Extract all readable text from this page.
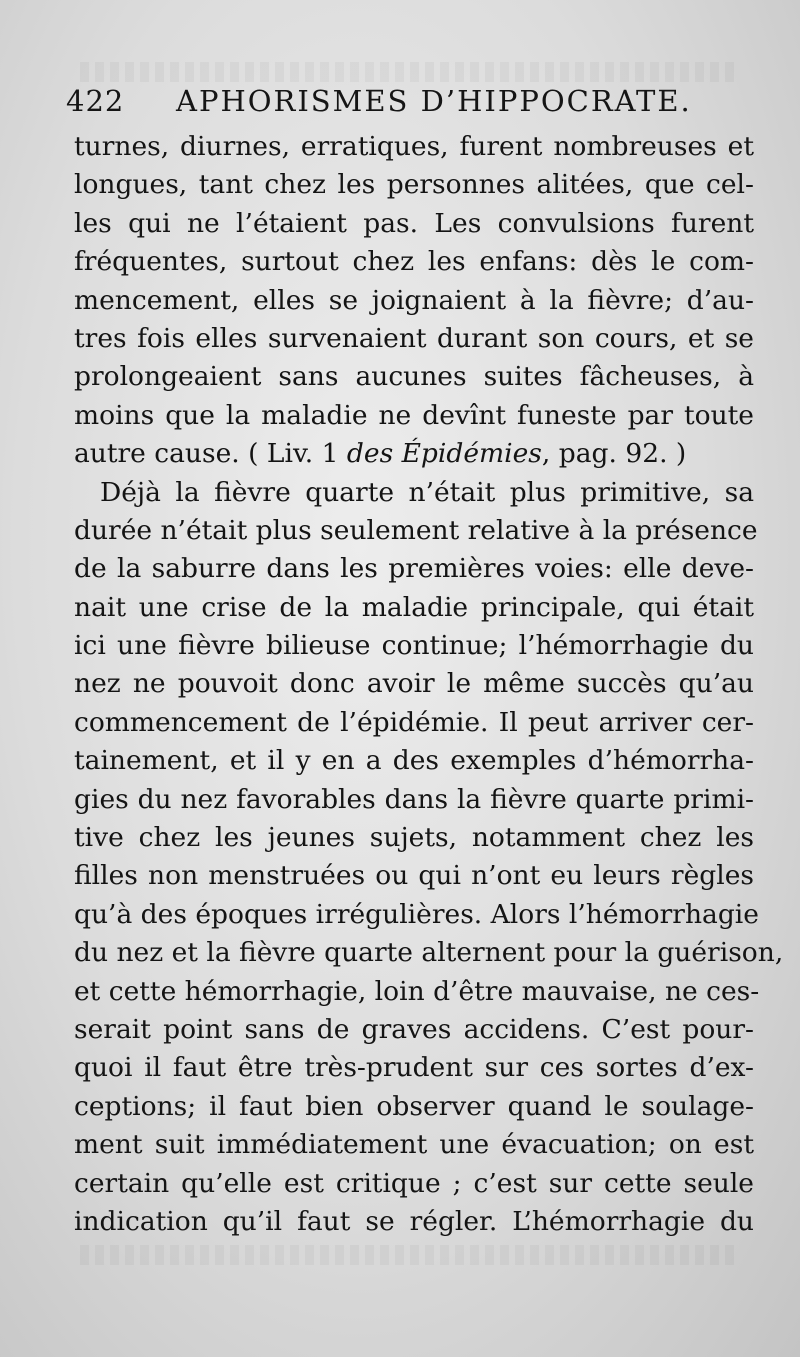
422 APHORISMES D’HIPPOCRATE.
turnes, diurnes, erratiques, furent nombreuses et
longues, tant chez les personnes alitées, que cel-
les qui ne l’étaient pas. Les convulsions furent
fréquentes, surtout chez les enfans: dès le com-
mencement, elles se joignaient à la fièvre; d’au-
tres fois elles survenaient durant son cours, et se
prolongeaient sans aucunes suites fâcheuses, à
moins que la maladie ne devînt funeste par toute
autre cause. ( Liv. 1 des Épidémies, pag. 92. )
Déjà la fièvre quarte n’était plus primitive, sa
durée n’était plus seulement relative à la présence
de la saburre dans les premières voies: elle deve-
nait une crise de la maladie principale, qui était
ici une fièvre bilieuse continue; l’hémorrhagie du
nez ne pouvoit donc avoir le même succès qu’au
commencement de l’épidémie. Il peut arriver cer-
tainement, et il y en a des exemples d’hémorrha-
gies du nez favorables dans la fièvre quarte primi-
tive chez les jeunes sujets, notamment chez les
filles non menstruées ou qui n’ont eu leurs règles
qu’à des époques irrégulières. Alors l’hémorrhagie
du nez et la fièvre quarte alternent pour la guérison,
et cette hémorrhagie, loin d’être mauvaise, ne ces-
serait point sans de graves accidens. C’est pour-
quoi il faut être très-prudent sur ces sortes d’ex-
ceptions; il faut bien observer quand le soulage-
ment suit immédiatement une évacuation; on est
certain qu’elle est critique ; c’est sur cette seule
indication qu’il faut se régler. L’hémorrhagie du
